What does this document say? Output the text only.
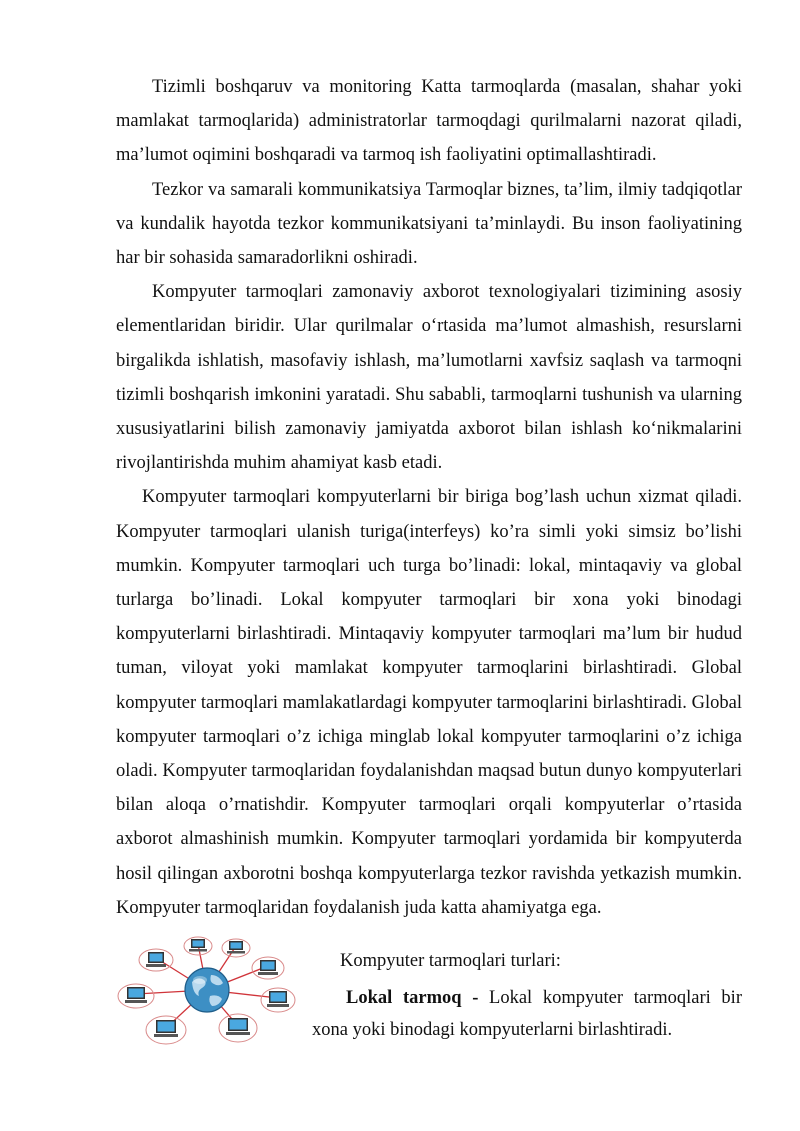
Tizimli boshqaruv va monitoring Katta tarmoqlarda (masalan, shahar yoki mamlakat tarmoqlarida) administratorlar tarmoqdagi qurilmalarni nazorat qiladi, ma’lumot oqimini boshqaradi va tarmoq ish faoliyatini optimallashtiradi.

Tezkor va samarali kommunikatsiya Tarmoqlar biznes, ta’lim, ilmiy tadqiqotlar va kundalik hayotda tezkor kommunikatsiyani ta’minlaydi. Bu inson faoliyatining har bir sohasida samaradorlikni oshiradi.

Kompyuter tarmoqlari zamonaviy axborot texnologiyalari tizimining asosiy elementlaridan biridir. Ular qurilmalar o‘rtasida ma’lumot almashish, resurslarni birgalikda ishlatish, masofaviy ishlash, ma’lumotlarni xavfsiz saqlash va tarmoqni tizimli boshqarish imkonini yaratadi. Shu sababli, tarmoqlarni tushunish va ularning xususiyatlarini bilish zamonaviy jamiyatda axborot bilan ishlash ko‘nikmalarini rivojlantirishda muhim ahamiyat kasb etadi.

Kompyuter tarmoqlari kompyuterlarni bir biriga bog’lash uchun xizmat qiladi. Kompyuter tarmoqlari ulanish turiga(interfeys) ko’ra simli yoki simsiz bo’lishi mumkin. Kompyuter tarmoqlari uch turga bo’linadi: lokal, mintaqaviy va global turlarga bo’linadi. Lokal kompyuter tarmoqlari bir xona yoki binodagi kompyuterlarni birlashtiradi. Mintaqaviy kompyuter tarmoqlari ma’lum bir hudud tuman, viloyat yoki mamlakat kompyuter tarmoqlarini birlashtiradi. Global kompyuter tarmoqlari mamlakatlardagi kompyuter tarmoqlarini birlashtiradi. Global kompyuter tarmoqlari o’z ichiga minglab lokal kompyuter tarmoqlarini o’z ichiga oladi. Kompyuter tarmoqlaridan foydalanishdan maqsad butun dunyo kompyuterlari bilan aloqa o’rnatishdir. Kompyuter tarmoqlari orqali kompyuterlar o’rtasida axborot almashinish mumkin. Kompyuter tarmoqlari yordamida bir kompyuterda hosil qilingan axborotni boshqa kompyuterlarga tezkor ravishda yetkazish mumkin. Kompyuter tarmoqlaridan foydalanish juda katta ahamiyatga ega.

Kompyuter tarmoqlari turlari:

Lokal tarmoq - Lokal kompyuter tarmoqlari bir xona yoki binodagi kompyuterlarni birlashtiradi.
